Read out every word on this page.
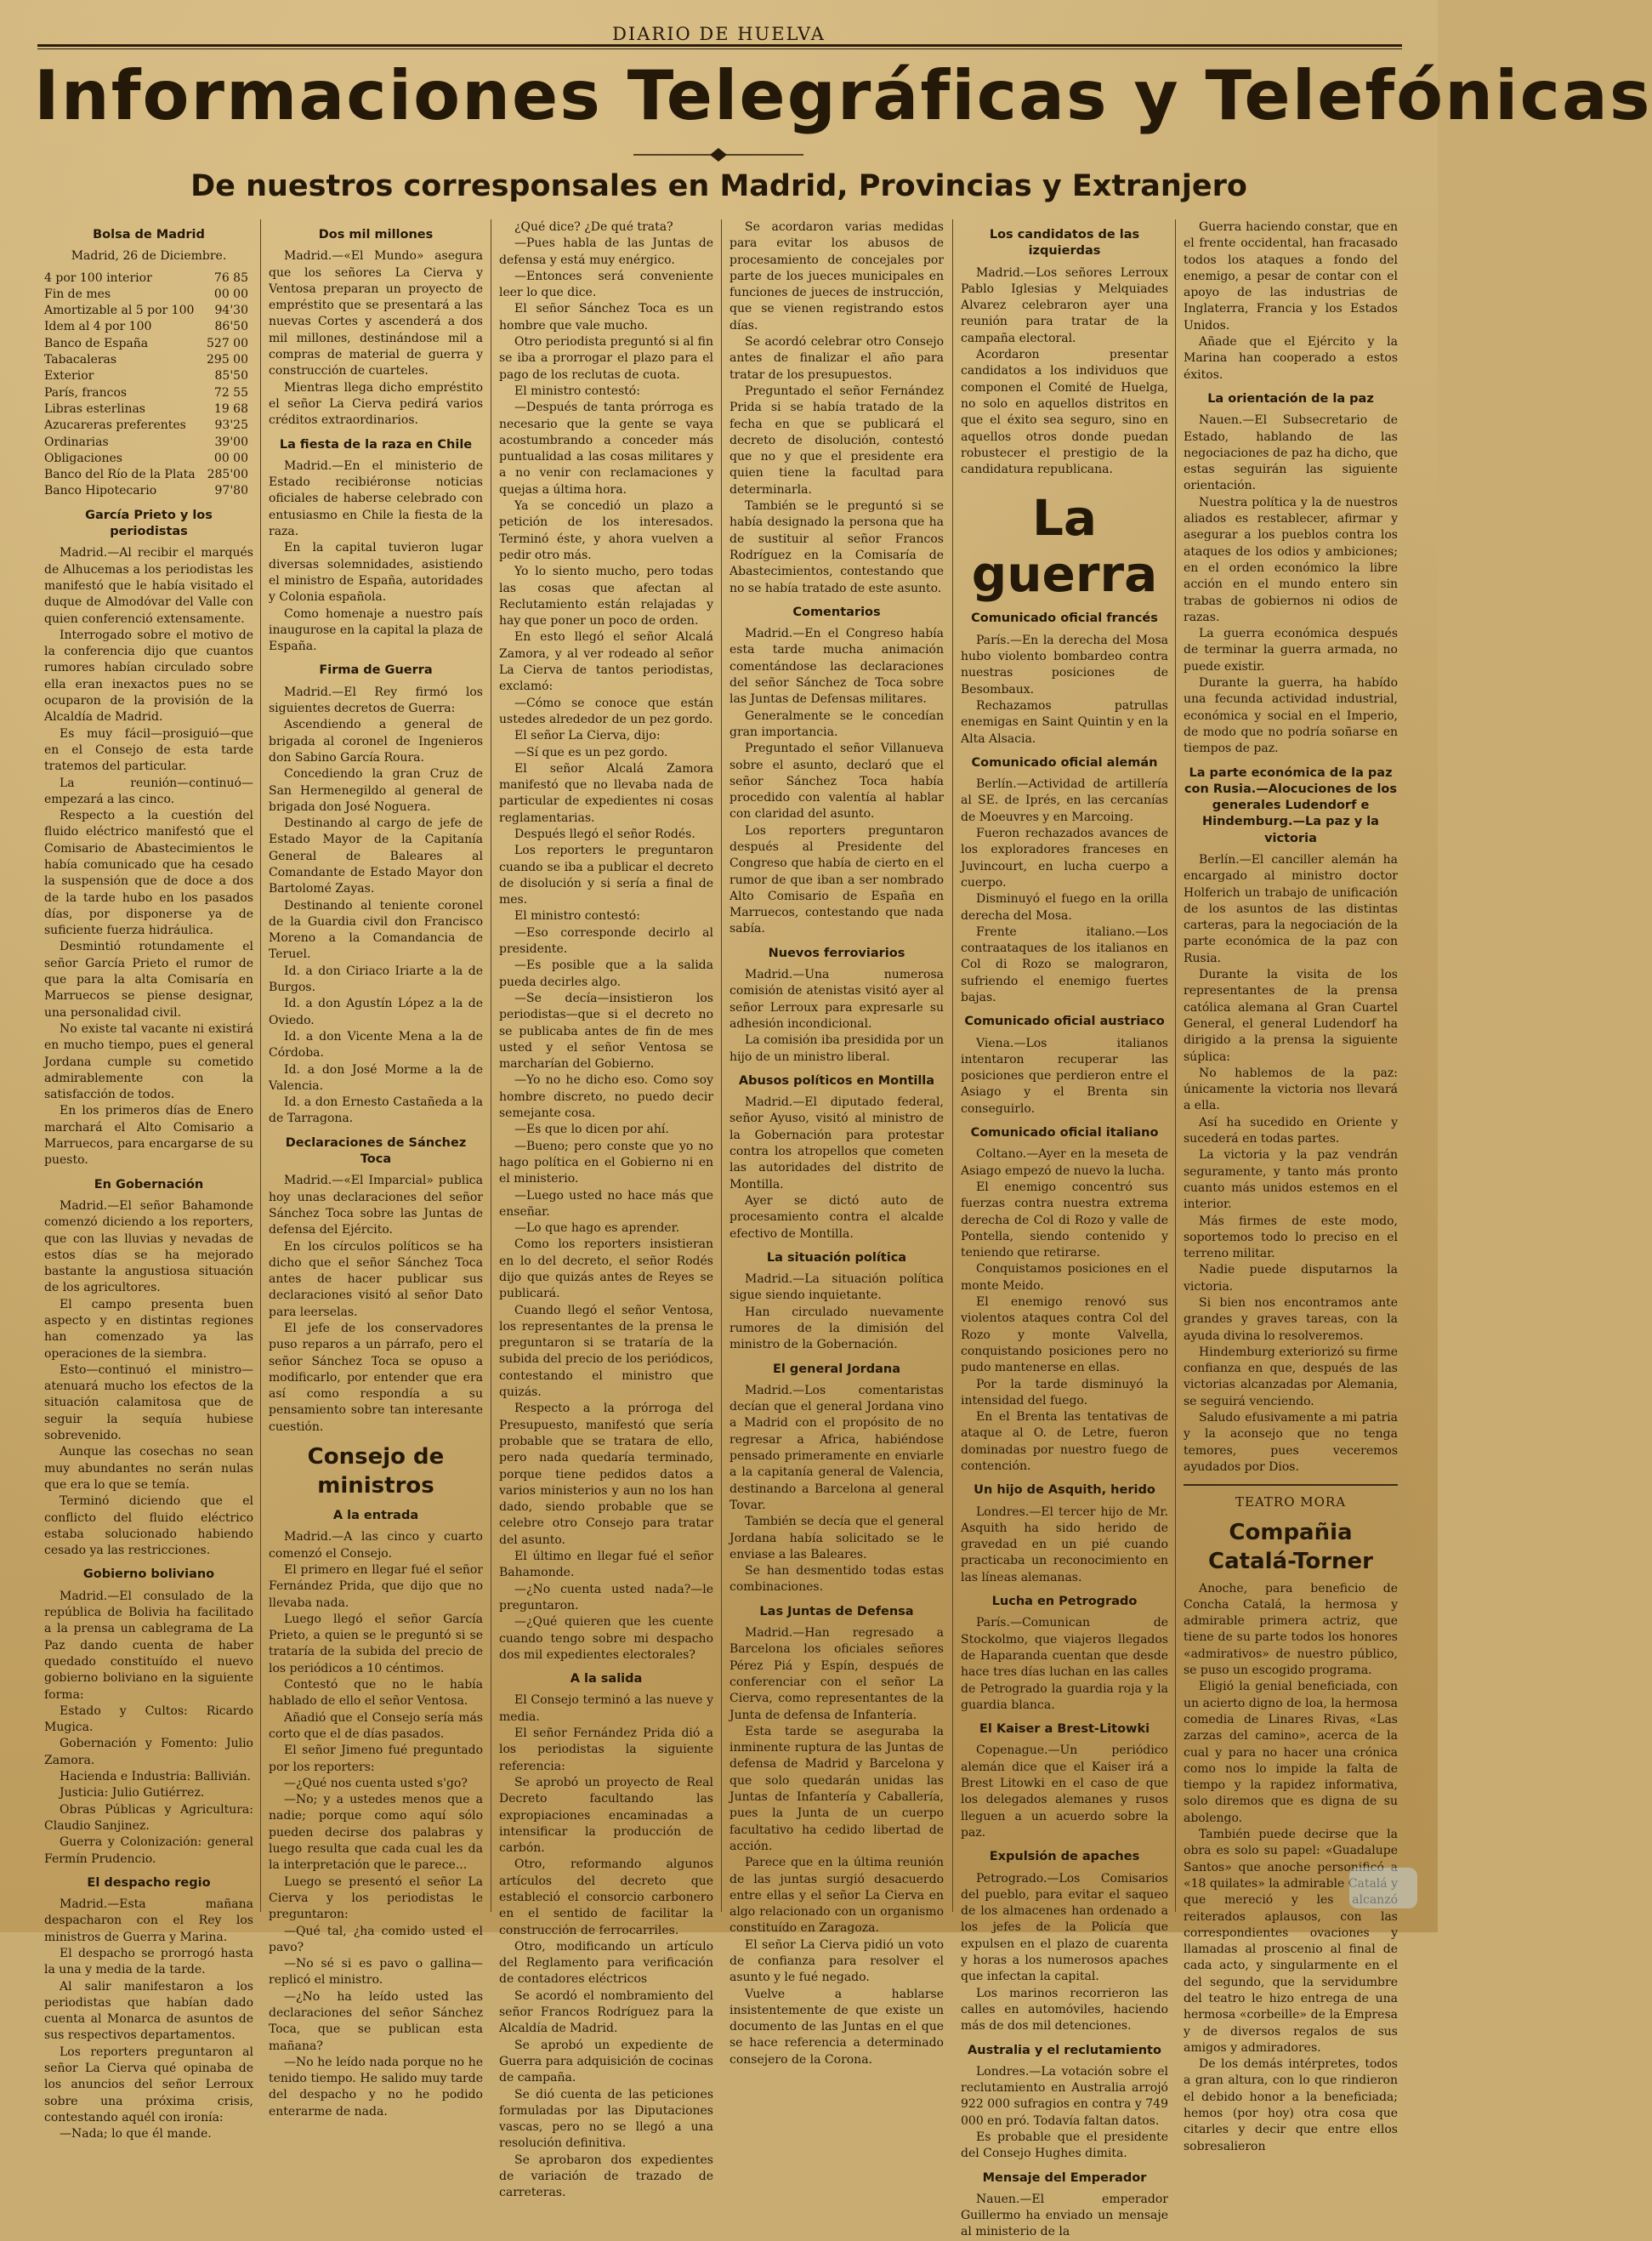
DIARIO DE HUELVA
Informaciones Telegráficas y Telefónicas
De nuestros corresponsales en Madrid, Provincias y Extranjero
Bolsa de Madrid
Madrid, 26 de Diciembre.
4 por 100 interior	76 85
Fin de mes	00 00
Amortizable al 5 por 100	94'30
Idem al 4 por 100	86'50
Banco de España	527 00
Tabacaleras	295 00
Exterior	85'50
París, francos	72 55
Libras esterlinas	19 68
Azucareras preferentes	93'25
Ordinarias	39'00
Obligaciones	00 00
Banco del Río de la Plata	285'00
Banco Hipotecario	97'80
García Prieto y los periodistas

Madrid.—Al recibir el marqués de Alhucemas a los periodistas les manifestó que le había visitado el duque de Almodóvar del Valle con quien conferenció extensamente.

Interrogado sobre el motivo de la conferencia dijo que cuantos rumores habían circulado sobre ella eran inexactos pues no se ocuparon de la provisión de la Alcaldía de Madrid.

Es muy fácil—prosiguió—que en el Consejo de esta tarde tratemos del particular.

La reunión—continuó—empezará a las cinco.

Respecto a la cuestión del fluido eléctrico manifestó que el Comisario de Abastecimientos le había comunicado que ha cesado la suspensión que de doce a dos de la tarde hubo en los pasados días, por disponerse ya de suficiente fuerza hidráulica.

Desmintió rotundamente el señor García Prieto el rumor de que para la alta Comisaría en Marruecos se piense designar, una personalidad civil.

No existe tal vacante ni existirá en mucho tiempo, pues el general Jordana cumple su cometido admirablemente con la satisfacción de todos.

En los primeros días de Enero marchará el Alto Comisario a Marruecos, para encargarse de su puesto.

En Gobernación

Madrid.—El señor Bahamonde comenzó diciendo a los reporters, que con las lluvias y nevadas de estos días se ha mejorado bastante la angustiosa situación de los agricultores.

El campo presenta buen aspecto y en distintas regiones han comenzado ya las operaciones de la siembra.

Esto—continuó el ministro—atenuará mucho los efectos de la situación calamitosa que de seguir la sequía hubiese sobrevenido.

Aunque las cosechas no sean muy abundantes no serán nulas que era lo que se temía.

Terminó diciendo que el conflicto del fluido eléctrico estaba solucionado habiendo cesado ya las restricciones.

Gobierno boliviano

Madrid.—El consulado de la república de Bolivia ha facilitado a la prensa un cablegrama de La Paz dando cuenta de haber quedado constituído el nuevo gobierno boliviano en la siguiente forma:

Estado y Cultos: Ricardo Mugica.

Gobernación y Fomento: Julio Zamora.

Hacienda e Industria: Ballivián.

Justicia: Julio Gutiérrez.

Obras Públicas y Agricultura: Claudio Sanjinez.

Guerra y Colonización: general Fermín Prudencio.

El despacho regio

Madrid.—Esta mañana despacharon con el Rey los ministros de Guerra y Marina.

El despacho se prorrogó hasta la una y media de la tarde.

Al salir manifestaron a los periodistas que habían dado cuenta al Monarca de asuntos de sus respectivos departamentos.

Los reporters preguntaron al señor La Cierva qué opinaba de los anuncios del señor Lerroux sobre una próxima crisis, contestando aquél con ironía:

—Nada; lo que él mande.

Dos mil millones

Madrid.—«El Mundo» asegura que los señores La Cierva y Ventosa preparan un proyecto de empréstito que se presentará a las nuevas Cortes y ascenderá a dos mil millones, destinándose mil a compras de material de guerra y construcción de cuarteles.

Mientras llega dicho empréstito el señor La Cierva pedirá varios créditos extraordinarios.

La fiesta de la raza en Chile

Madrid.—En el ministerio de Estado recibiéronse noticias oficiales de haberse celebrado con entusiasmo en Chile la fiesta de la raza.

En la capital tuvieron lugar diversas solemnidades, asistiendo el ministro de España, autoridades y Colonia española.

Como homenaje a nuestro país inaugurose en la capital la plaza de España.

Firma de Guerra

Madrid.—El Rey firmó los siguientes decretos de Guerra:

Ascendiendo a general de brigada al coronel de Ingenieros don Sabino García Roura.

Concediendo la gran Cruz de San Hermenegildo al general de brigada don José Noguera.

Destinando al cargo de jefe de Estado Mayor de la Capitanía General de Baleares al Comandante de Estado Mayor don Bartolomé Zayas.

Destinando al teniente coronel de la Guardia civil don Francisco Moreno a la Comandancia de Teruel.

Id. a don Ciriaco Iriarte a la de Burgos.

Id. a don Agustín López a la de Oviedo.

Id. a don Vicente Mena a la de Córdoba.

Id. a don José Morme a la de Valencia.

Id. a don Ernesto Castañeda a la de Tarragona.

Declaraciones de Sánchez Toca

Madrid.—«El Imparcial» publica hoy unas declaraciones del señor Sánchez Toca sobre las Juntas de defensa del Ejército.

En los círculos políticos se ha dicho que el señor Sánchez Toca antes de hacer publicar sus declaraciones visitó al señor Dato para leerselas.

El jefe de los conservadores puso reparos a un párrafo, pero el señor Sánchez Toca se opuso a modificarlo, por entender que era así como respondía a su pensamiento sobre tan interesante cuestión.

Consejo de ministros
A la entrada

Madrid.—A las cinco y cuarto comenzó el Consejo.

El primero en llegar fué el señor Fernández Prida, que dijo que no llevaba nada.

Luego llegó el señor García Prieto, a quien se le preguntó si se trataría de la subida del precio de los periódicos a 10 céntimos.

Contestó que no le había hablado de ello el señor Ventosa.

Añadió que el Consejo sería más corto que el de días pasados.

El señor Jimeno fué preguntado por los reporters:

—¿Qué nos cuenta usted s'go?

—No; y a ustedes menos que a nadie; porque como aquí sólo pueden decirse dos palabras y luego resulta que cada cual les da la interpretación que le parece...

Luego se presentó el señor La Cierva y los periodistas le preguntaron:

—Qué tal, ¿ha comido usted el pavo?

—No sé si es pavo o gallina—replicó el ministro.

—¿No ha leído usted las declaraciones del señor Sánchez Toca, que se publican esta mañana?

—No he leído nada porque no he tenido tiempo. He salido muy tarde del despacho y no he podido enterarme de nada.

¿Qué dice? ¿De qué trata?

—Pues habla de las Juntas de defensa y está muy enérgico.

—Entonces será conveniente leer lo que dice.

El señor Sánchez Toca es un hombre que vale mucho.

Otro periodista preguntó si al fin se iba a prorrogar el plazo para el pago de los reclutas de cuota.

El ministro contestó:

—Después de tanta prórroga es necesario que la gente se vaya acostumbrando a conceder más puntualidad a las cosas militares y a no venir con reclamaciones y quejas a última hora.

Ya se concedió un plazo a petición de los interesados. Terminó éste, y ahora vuelven a pedir otro más.

Yo lo siento mucho, pero todas las cosas que afectan al Reclutamiento están relajadas y hay que poner un poco de orden.

En esto llegó el señor Alcalá Zamora, y al ver rodeado al señor La Cierva de tantos periodistas, exclamó:

—Cómo se conoce que están ustedes alrededor de un pez gordo.

El señor La Cierva, dijo:

—Sí que es un pez gordo.

El señor Alcalá Zamora manifestó que no llevaba nada de particular de expedientes ni cosas reglamentarias.

Después llegó el señor Rodés.

Los reporters le preguntaron cuando se iba a publicar el decreto de disolución y si sería a final de mes.

El ministro contestó:

—Eso corresponde decirlo al presidente.

—Es posible que a la salida pueda decirles algo.

—Se decía—insistieron los periodistas—que si el decreto no se publicaba antes de fin de mes usted y el señor Ventosa se marcharían del Gobierno.

—Yo no he dicho eso. Como soy hombre discreto, no puedo decir semejante cosa.

—Es que lo dicen por ahí.

—Bueno; pero conste que yo no hago política en el Gobierno ni en el ministerio.

—Luego usted no hace más que enseñar.

—Lo que hago es aprender.

Como los reporters insistieran en lo del decreto, el señor Rodés dijo que quizás antes de Reyes se publicará.

Cuando llegó el señor Ventosa, los representantes de la prensa le preguntaron si se trataría de la subida del precio de los periódicos, contestando el ministro que quizás.

Respecto a la prórroga del Presupuesto, manifestó que sería probable que se tratara de ello, pero nada quedaría terminado, porque tiene pedidos datos a varios ministerios y aun no los han dado, siendo probable que se celebre otro Consejo para tratar del asunto.

El último en llegar fué el señor Bahamonde.

—¿No cuenta usted nada?—le preguntaron.

—¿Qué quieren que les cuente cuando tengo sobre mi despacho dos mil expedientes electorales?

A la salida

El Consejo terminó a las nueve y media.

El señor Fernández Prida dió a los periodistas la siguiente referencia:

Se aprobó un proyecto de Real Decreto facultando las expropiaciones encaminadas a intensificar la producción de carbón.

Otro, reformando algunos artículos del decreto que estableció el consorcio carbonero en el sentido de facilitar la construcción de ferrocarriles.

Otro, modificando un artículo del Reglamento para verificación de contadores eléctricos

Se acordó el nombramiento del señor Francos Rodríguez para la Alcaldía de Madrid.

Se aprobó un expediente de Guerra para adquisición de cocinas de campaña.

Se dió cuenta de las peticiones formuladas por las Diputaciones vascas, pero no se llegó a una resolución definitiva.

Se aprobaron dos expedientes de variación de trazado de carreteras.

Se acordaron varias medidas para evitar los abusos de procesamiento de concejales por parte de los jueces municipales en funciones de jueces de instrucción, que se vienen registrando estos días.

Se acordó celebrar otro Consejo antes de finalizar el año para tratar de los presupuestos.

Preguntado el señor Fernández Prida si se había tratado de la fecha en que se publicará el decreto de disolución, contestó que no y que el presidente era quien tiene la facultad para determinarla.

También se le preguntó si se había designado la persona que ha de sustituir al señor Francos Rodríguez en la Comisaría de Abastecimientos, contestando que no se había tratado de este asunto.

Comentarios

Madrid.—En el Congreso había esta tarde mucha animación comentándose las declaraciones del señor Sánchez de Toca sobre las Juntas de Defensas militares.

Generalmente se le concedían gran importancia.

Preguntado el señor Villanueva sobre el asunto, declaró que el señor Sánchez Toca había procedido con valentía al hablar con claridad del asunto.

Los reporters preguntaron después al Presidente del Congreso que había de cierto en el rumor de que iban a ser nombrado Alto Comisario de España en Marruecos, contestando que nada sabía.

Nuevos ferroviarios

Madrid.—Una numerosa comisión de atenistas visitó ayer al señor Lerroux para expresarle su adhesión incondicional.

La comisión iba presidida por un hijo de un ministro liberal.

Abusos políticos en Montilla

Madrid.—El diputado federal, señor Ayuso, visitó al ministro de la Gobernación para protestar contra los atropellos que cometen las autoridades del distrito de Montilla.

Ayer se dictó auto de procesamiento contra el alcalde efectivo de Montilla.

La situación política

Madrid.—La situación política sigue siendo inquietante.

Han circulado nuevamente rumores de la dimisión del ministro de la Gobernación.

El general Jordana

Madrid.—Los comentaristas decían que el general Jordana vino a Madrid con el propósito de no regresar a Africa, habiéndose pensado primeramente en enviarle a la capitanía general de Valencia, destinando a Barcelona al general Tovar.

También se decía que el general Jordana había solicitado se le enviase a las Baleares.

Se han desmentido todas estas combinaciones.

Las Juntas de Defensa

Madrid.—Han regresado a Barcelona los oficiales señores Pérez Piá y Espín, después de conferenciar con el señor La Cierva, como representantes de la Junta de defensa de Infantería.

Esta tarde se aseguraba la inminente ruptura de las Juntas de defensa de Madrid y Barcelona y que solo quedarán unidas las Juntas de Infantería y Caballería, pues la Junta de un cuerpo facultativo ha cedido libertad de acción.

Parece que en la última reunión de las juntas surgió desacuerdo entre ellas y el señor La Cierva en algo relacionado con un organismo constituído en Zaragoza.

El señor La Cierva pidió un voto de confianza para resolver el asunto y le fué negado.

Vuelve a hablarse insistentemente de que existe un documento de las Juntas en el que se hace referencia a determinado consejero de la Corona.

Los candidatos de las izquierdas

Madrid.—Los señores Lerroux Pablo Iglesias y Melquiades Alvarez celebraron ayer una reunión para tratar de la campaña electoral.

Acordaron presentar candidatos a los individuos que componen el Comité de Huelga, no solo en aquellos distritos en que el éxito sea seguro, sino en aquellos otros donde puedan robustecer el prestigio de la candidatura republicana.

La guerra
Comunicado oficial francés

París.—En la derecha del Mosa hubo violento bombardeo contra nuestras posiciones de Besombaux.

Rechazamos patrullas enemigas en Saint Quintin y en la Alta Alsacia.

Comunicado oficial alemán

Berlín.—Actividad de artillería al SE. de Iprés, en las cercanías de Moeuvres y en Marcoing.

Fueron rechazados avances de los exploradores franceses en Juvincourt, en lucha cuerpo a cuerpo.

Disminuyó el fuego en la orilla derecha del Mosa.

Frente italiano.—Los contraataques de los italianos en Col di Rozo se malograron, sufriendo el enemigo fuertes bajas.

Comunicado oficial austriaco

Viena.—Los italianos intentaron recuperar las posiciones que perdieron entre el Asiago y el Brenta sin conseguirlo.

Comunicado oficial italiano

Coltano.—Ayer en la meseta de Asiago empezó de nuevo la lucha.

El enemigo concentró sus fuerzas contra nuestra extrema derecha de Col di Rozo y valle de Pontella, siendo contenido y teniendo que retirarse.

Conquistamos posiciones en el monte Meido.

El enemigo renovó sus violentos ataques contra Col del Rozo y monte Valvella, conquistando posiciones pero no pudo mantenerse en ellas.

Por la tarde disminuyó la intensidad del fuego.

En el Brenta las tentativas de ataque al O. de Letre, fueron dominadas por nuestro fuego de contención.

Un hijo de Asquith, herido

Londres.—El tercer hijo de Mr. Asquith ha sido herido de gravedad en un pié cuando practicaba un reconocimiento en las líneas alemanas.

Lucha en Petrogrado

París.—Comunican de Stockolmo, que viajeros llegados de Haparanda cuentan que desde hace tres días luchan en las calles de Petrogrado la guardia roja y la guardia blanca.

El Kaiser a Brest-Litowki

Copenague.—Un periódico alemán dice que el Kaiser irá a Brest Litowki en el caso de que los delegados alemanes y rusos lleguen a un acuerdo sobre la paz.

Expulsión de apaches

Petrogrado.—Los Comisarios del pueblo, para evitar el saqueo de los almacenes han ordenado a los jefes de la Policía que expulsen en el plazo de cuarenta y horas a los numerosos apaches que infectan la capital.

Los marinos recorrieron las calles en automóviles, haciendo más de dos mil detenciones.

Australia y el reclutamiento

Londres.—La votación sobre el reclutamiento en Australia arrojó 922 000 sufragios en contra y 749 000 en pró. Todavía faltan datos.

Es probable que el presidente del Consejo Hughes dimita.

Mensaje del Emperador

Nauen.—El emperador Guillermo ha enviado un mensaje al ministerio de la

Guerra haciendo constar, que en el frente occidental, han fracasado todos los ataques a fondo del enemigo, a pesar de contar con el apoyo de las industrias de Inglaterra, Francia y los Estados Unidos.

Añade que el Ejército y la Marina han cooperado a estos éxitos.

La orientación de la paz

Nauen.—El Subsecretario de Estado, hablando de las negociaciones de paz ha dicho, que estas seguirán las siguiente orientación.

Nuestra política y la de nuestros aliados es restablecer, afirmar y asegurar a los pueblos contra los ataques de los odios y ambiciones; en el orden económico la libre acción en el mundo entero sin trabas de gobiernos ni odios de razas.

La guerra económica después de terminar la guerra armada, no puede existir.

Durante la guerra, ha habído una fecunda actividad industrial, económica y social en el Imperio, de modo que no podría soñarse en tiempos de paz.

La parte económica de la paz con Rusia.—Alocuciones de los generales Ludendorf e Hindemburg.—La paz y la victoria

Berlín.—El canciller alemán ha encargado al ministro doctor Holferich un trabajo de unificación de los asuntos de las distintas carteras, para la negociación de la parte económica de la paz con Rusia.

Durante la visita de los representantes de la prensa católica alemana al Gran Cuartel General, el general Ludendorf ha dirigido a la prensa la siguiente súplica:

No hablemos de la paz: únicamente la victoria nos llevará a ella.

Así ha sucedido en Oriente y sucederá en todas partes.

La victoria y la paz vendrán seguramente, y tanto más pronto cuanto más unidos estemos en el interior.

Más firmes de este modo, soportemos todo lo preciso en el terreno militar.

Nadie puede disputarnos la victoria.

Si bien nos encontramos ante grandes y graves tareas, con la ayuda divina lo resolveremos.

Hindemburg exteriorizó su firme confianza en que, después de las victorias alcanzadas por Alemania, se seguirá venciendo.

Saludo efusivamente a mi patria y la aconsejo que no tenga temores, pues veceremos ayudados por Dios.

TEATRO MORA
Compañia Catalá-Torner

Anoche, para beneficio de Concha Catalá, la hermosa y admirable primera actriz, que tiene de su parte todos los honores «admirativos» de nuestro público, se puso un escogido programa.

Eligió la genial beneficiada, con un acierto digno de loa, la hermosa comedia de Linares Rivas, «Las zarzas del camino», acerca de la cual y para no hacer una crónica como nos lo impide la falta de tiempo y la rapidez informativa, solo diremos que es digna de su abolengo.

También puede decirse que la obra es solo su papel: «Guadalupe Santos» que anoche personificó a «18 quilates» la admirable Catalá y que mereció y les alcanzó reiterados aplausos, con las correspondientes ovaciones y llamadas al proscenio al final de cada acto, y singularmente en el del segundo, que la servidumbre del teatro le hizo entrega de una hermosa «corbeille» de la Empresa y de diversos regalos de sus amigos y admiradores.

De los demás intérpretes, todos a gran altura, con lo que rindieron el debido honor a la beneficiada; hemos (por hoy) otra cosa que citarles y decir que entre ellos sobresalieron
